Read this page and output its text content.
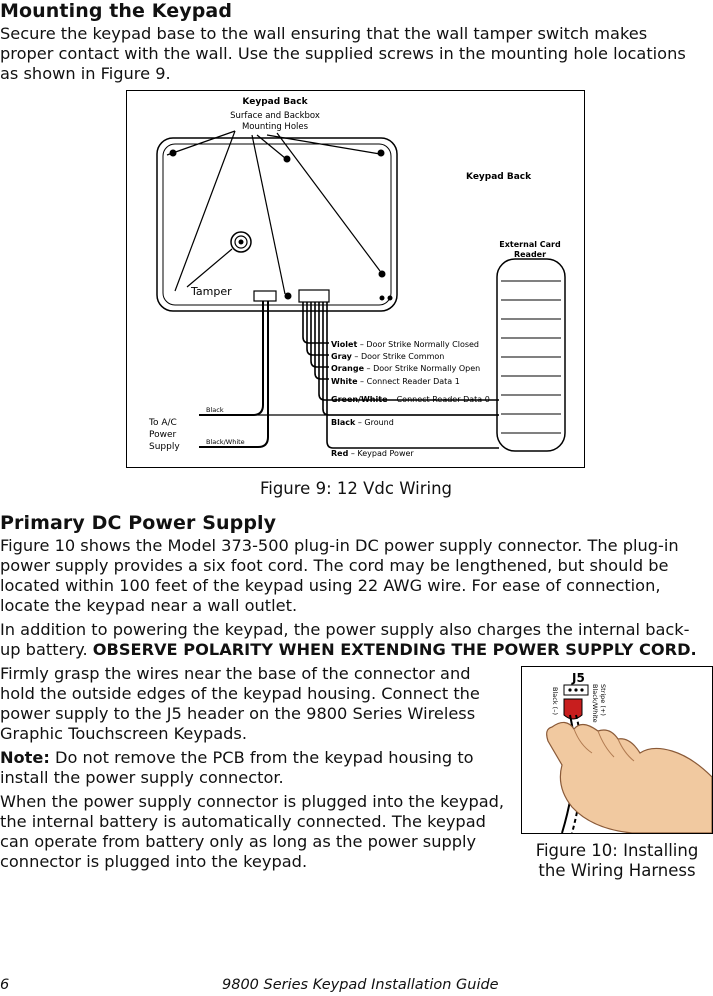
Mounting the Keypad

Secure the keypad base to the wall ensuring that the wall tamper switch makes

proper contact with the wall. Use the supplied screws in the mounting hole locations

as shown in Figure 9.

Keypad Back
Surface and Backbox
Mounting Holes
Keypad Back
External Card
Reader
Tamper
To A/C
Power
Supply
Black
Black/White
Violet – Door Strike Normally Closed
Gray – Door Strike Common
Orange – Door Strike Normally Open
White – Connect Reader Data 1
Green/White – Connect Reader Data 0
Black – Ground
Red – Keypad Power
Figure 9: 12 Vdc Wiring
Primary DC Power Supply

Figure 10 shows the Model 373-500 plug-in DC power supply connector. The plug-in

power supply provides a six foot cord. The cord may be lengthened, but should be

located within 100 feet of the keypad using 22 AWG wire. For ease of connection,

locate the keypad near a wall outlet.

In addition to powering the keypad, the power supply also charges the internal back-

up battery. OBSERVE POLARITY WHEN EXTENDING THE POWER SUPPLY CORD.

Firmly grasp the wires near the base of the connector and

hold the outside edges of the keypad housing. Connect the

power supply to the J5 header on the 9800 Series Wireless

Graphic Touchscreen Keypads.

Note: Do not remove the PCB from the keypad housing to

install the power supply connector.

When the power supply connector is plugged into the keypad,

the internal battery is automatically connected. The keypad

can operate from battery only as long as the power supply

connector is plugged into the keypad.

J5
Black (–)	Black/White Stripe (+)
Figure 10: Installing
the Wiring Harness
6	9800 Series Keypad Installation Guide
